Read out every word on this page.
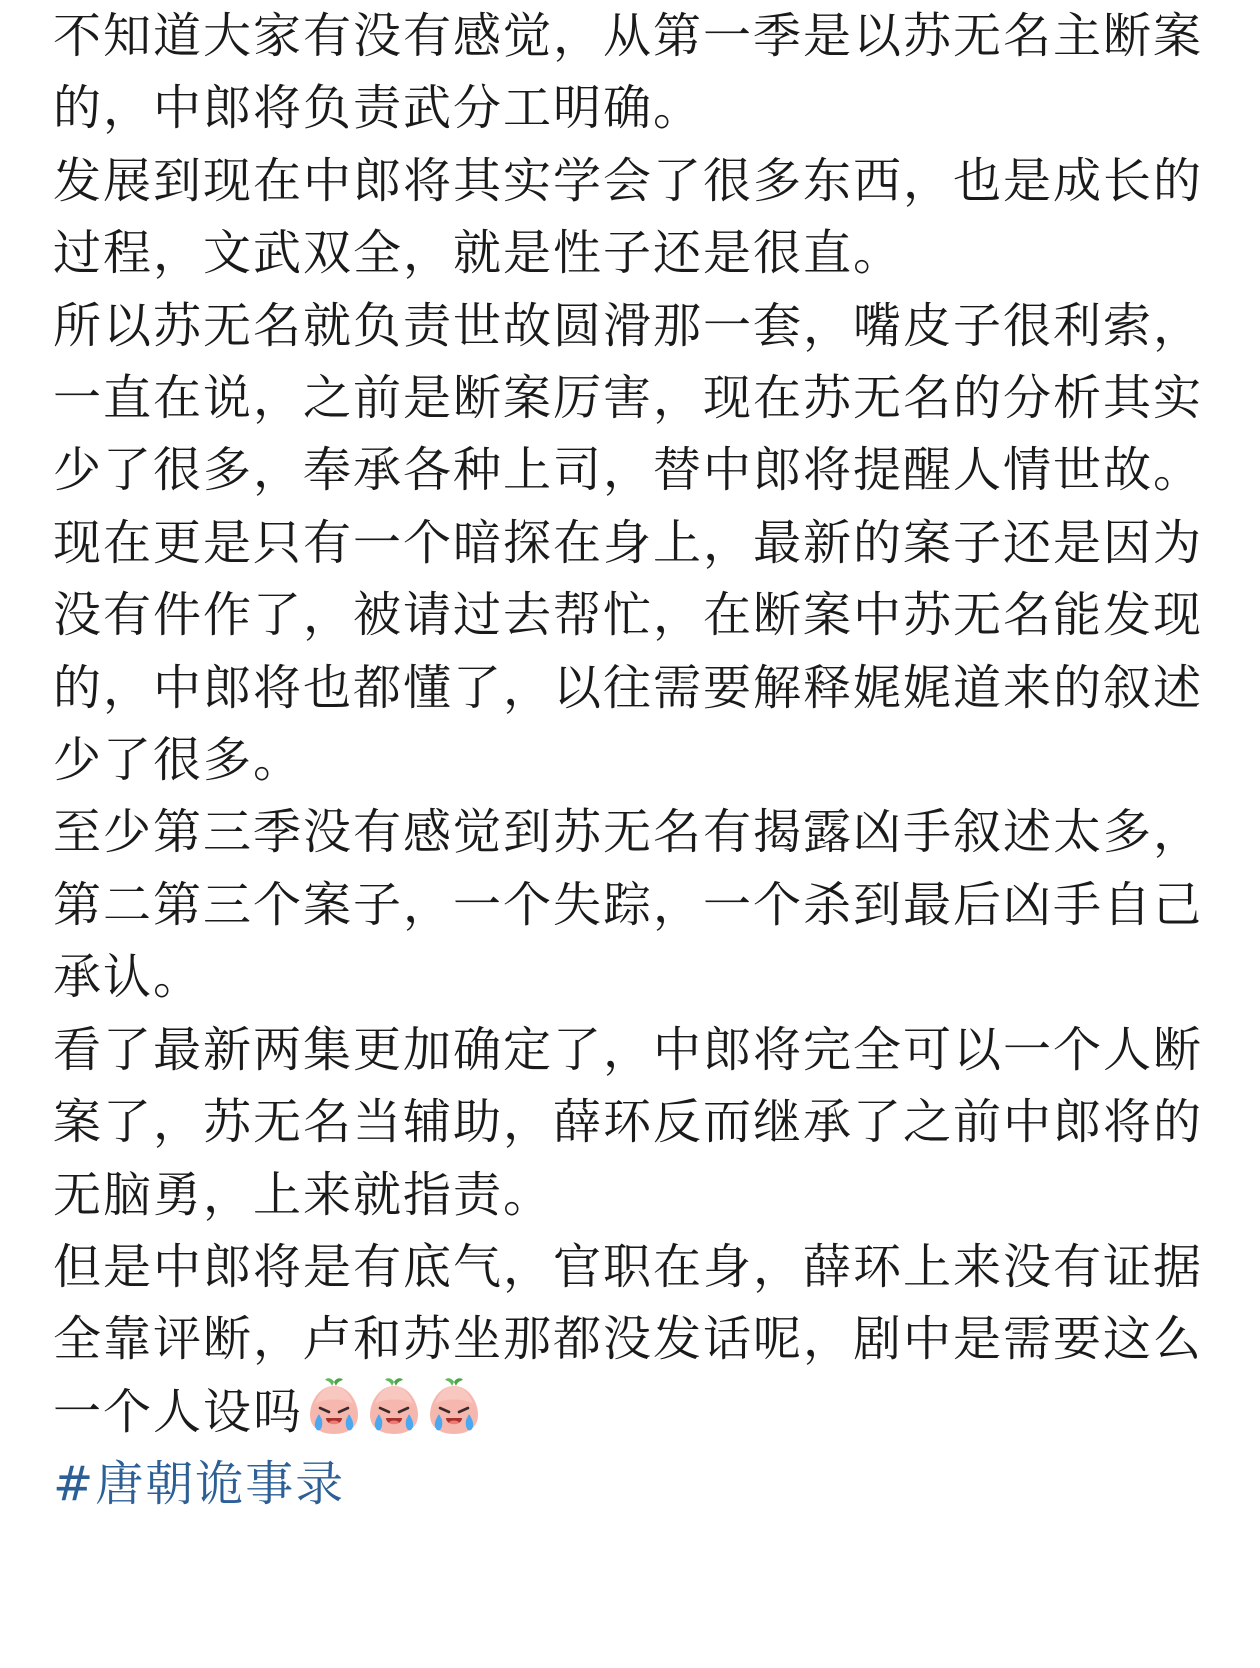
不知道大家有没有感觉，从第一季是以苏无名主断案的，中郎将负责武分工明确。

发展到现在中郎将其实学会了很多东西，也是成长的过程，文武双全，就是性子还是很直。

所以苏无名就负责世故圆滑那一套，嘴皮子很利索，一直在说，之前是断案厉害，现在苏无名的分析其实少了很多，奉承各种上司，替中郎将提醒人情世故。

现在更是只有一个暗探在身上，最新的案子还是因为没有件作了，被请过去帮忙，在断案中苏无名能发现的，中郎将也都懂了，以往需要解释娓娓道来的叙述少了很多。

至少第三季没有感觉到苏无名有揭露凶手叙述太多，第二第三个案子，一个失踪，一个杀到最后凶手自己承认。

看了最新两集更加确定了，中郎将完全可以一个人断案了，苏无名当辅助，薛环反而继承了之前中郎将的无脑勇，上来就指责。

但是中郎将是有底气，官职在身，薛环上来没有证据全靠评断，卢和苏坐那都没发话呢，剧中是需要这么一个人设吗

#唐朝诡事录
